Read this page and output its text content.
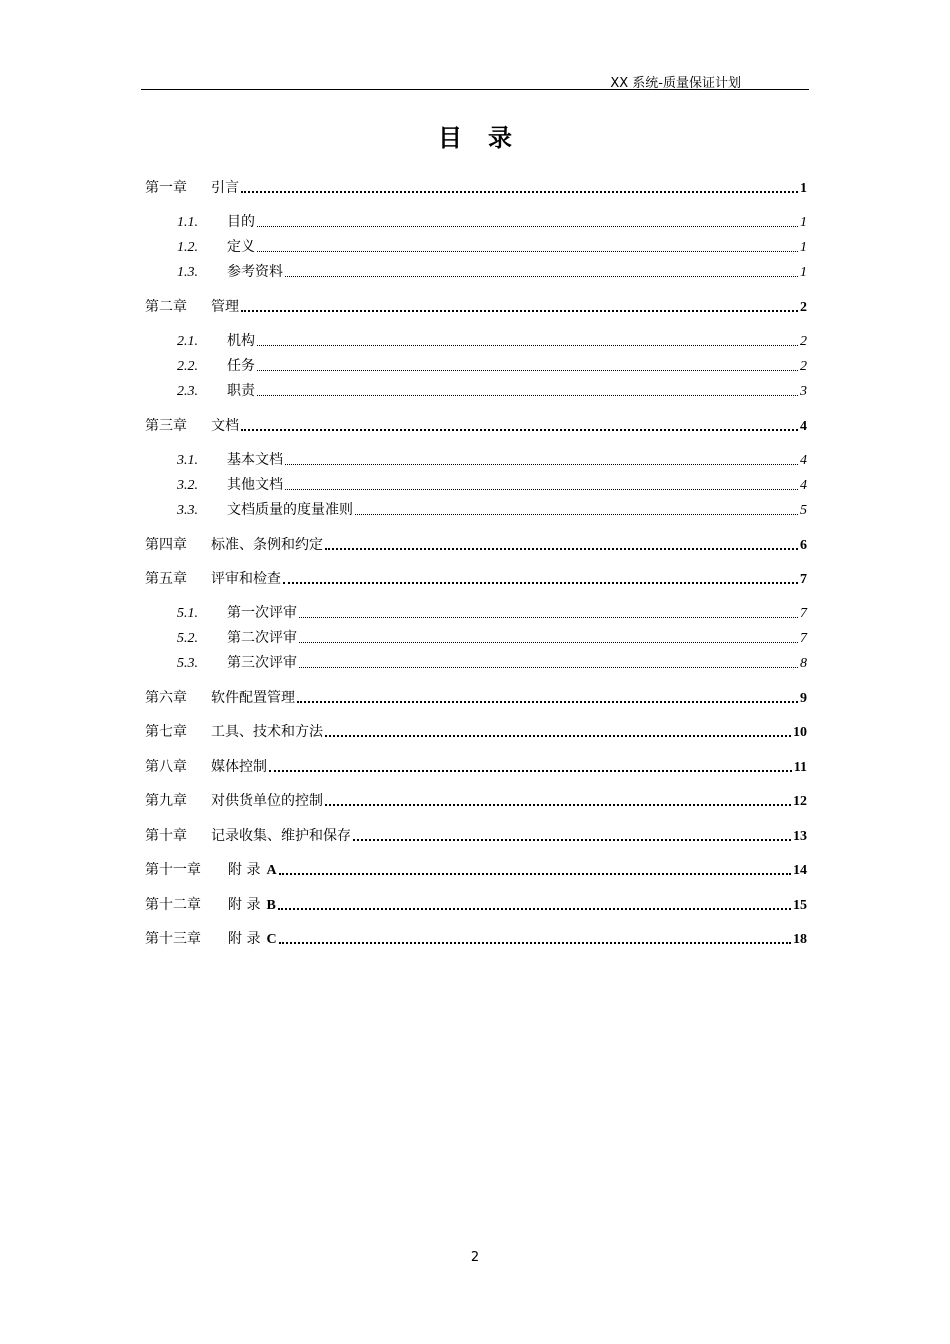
XX 系统-质量保证计划
目录
第一章	引言	1
1.1.	目的	1
1.2.	定义	1
1.3.	参考资料	1
第二章	管理	2
2.1.	机构	2
2.2.	任务	2
2.3.	职责	3
第三章	文档	4
3.1.	基本文档	4
3.2.	其他文档	4
3.3.	文档质量的度量准则	5
第四章	标准、条例和约定	6
第五章	评审和检查	7
5.1.	第一次评审	7
5.2.	第二次评审	7
5.3.	第三次评审	8
第六章	软件配置管理	9
第七章	工具、技术和方法	10
第八章	媒体控制	11
第九章	对供货单位的控制	12
第十章	记录收集、维护和保存	13
第十一章	附 录 A	14
第十二章	附 录 B	15
第十三章	附 录 C	18
2
